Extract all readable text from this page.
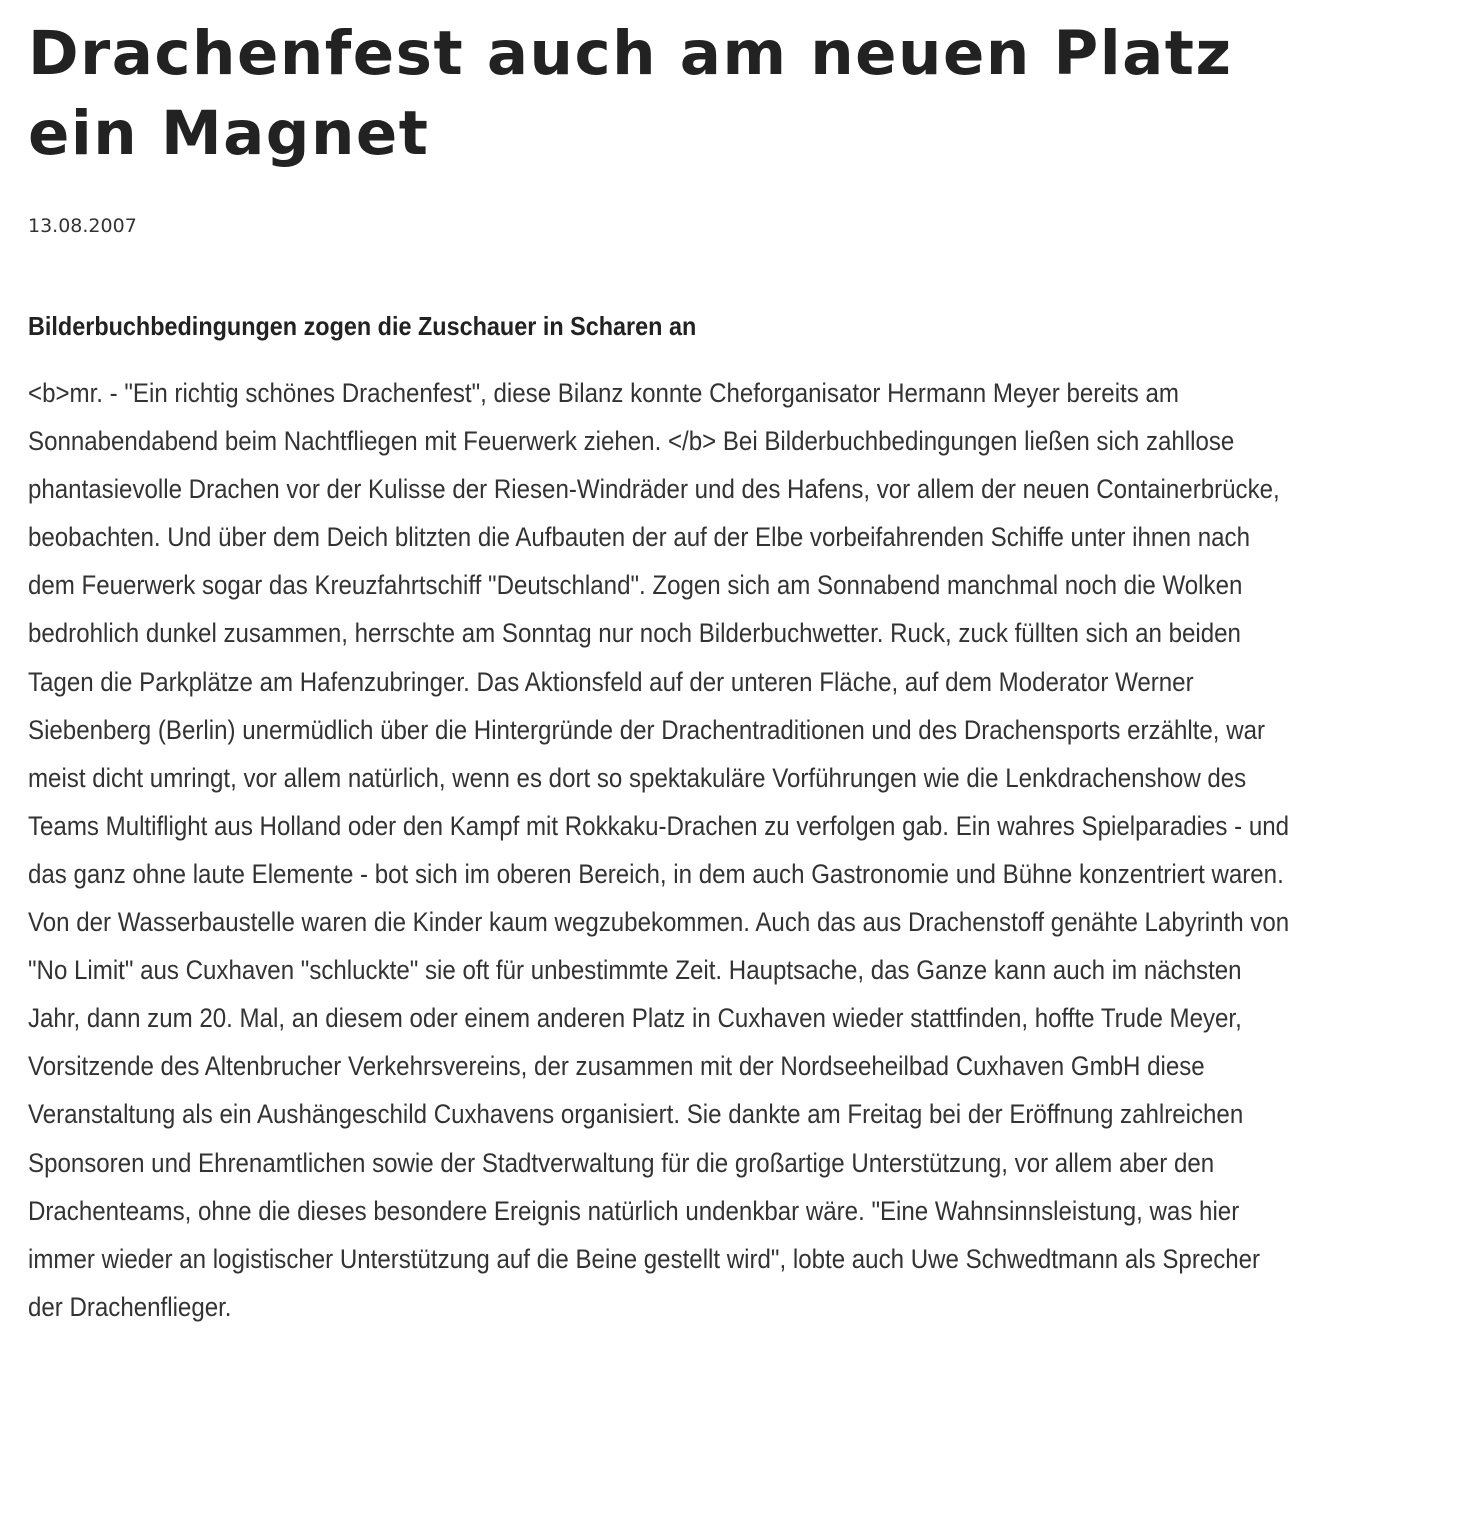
Drachenfest auch am neuen Platz ein Magnet
13.08.2007
Bilderbuchbedingungen zogen die Zuschauer in Scharen an
<b>mr. - "Ein richtig schönes Drachenfest", diese Bilanz konnte Cheforganisator Hermann Meyer bereits am Sonnabendabend beim Nachtfliegen mit Feuerwerk ziehen. </b> Bei Bilderbuchbedingungen ließen sich zahllose phantasievolle Drachen vor der Kulisse der Riesen-Windräder und des Hafens, vor allem der neuen Containerbrücke, beobachten. Und über dem Deich blitzten die Aufbauten der auf der Elbe vorbeifahrenden Schiffe unter ihnen nach dem Feuerwerk sogar das Kreuzfahrtschiff "Deutschland". Zogen sich am Sonnabend manchmal noch die Wolken bedrohlich dunkel zusammen, herrschte am Sonntag nur noch Bilderbuchwetter. Ruck, zuck füllten sich an beiden Tagen die Parkplätze am Hafenzubringer. Das Aktionsfeld auf der unteren Fläche, auf dem Moderator Werner Siebenberg (Berlin) unermüdlich über die Hintergründe der Drachentraditionen und des Drachensports erzählte, war meist dicht umringt, vor allem natürlich, wenn es dort so spektakuläre Vorführungen wie die Lenkdrachenshow des Teams Multiflight aus Holland oder den Kampf mit Rokkaku-Drachen zu verfolgen gab. Ein wahres Spielparadies - und das ganz ohne laute Elemente - bot sich im oberen Bereich, in dem auch Gastronomie und Bühne konzentriert waren. Von der Wasserbaustelle waren die Kinder kaum wegzubekommen. Auch das aus Drachenstoff genähte Labyrinth von "No Limit" aus Cuxhaven "schluckte" sie oft für unbestimmte Zeit. Hauptsache, das Ganze kann auch im nächsten Jahr, dann zum 20. Mal, an diesem oder einem anderen Platz in Cuxhaven wieder stattfinden, hoffte Trude Meyer, Vorsitzende des Altenbrucher Verkehrsvereins, der zusammen mit der Nordseeheilbad Cuxhaven GmbH diese Veranstaltung als ein Aushängeschild Cuxhavens organisiert. Sie dankte am Freitag bei der Eröffnung zahlreichen Sponsoren und Ehrenamtlichen sowie der Stadtverwaltung für die großartige Unterstützung, vor allem aber den Drachenteams, ohne die dieses besondere Ereignis natürlich undenkbar wäre. "Eine Wahnsinnsleistung, was hier immer wieder an logistischer Unterstützung auf die Beine gestellt wird", lobte auch Uwe Schwedtmann als Sprecher der Drachenflieger.
